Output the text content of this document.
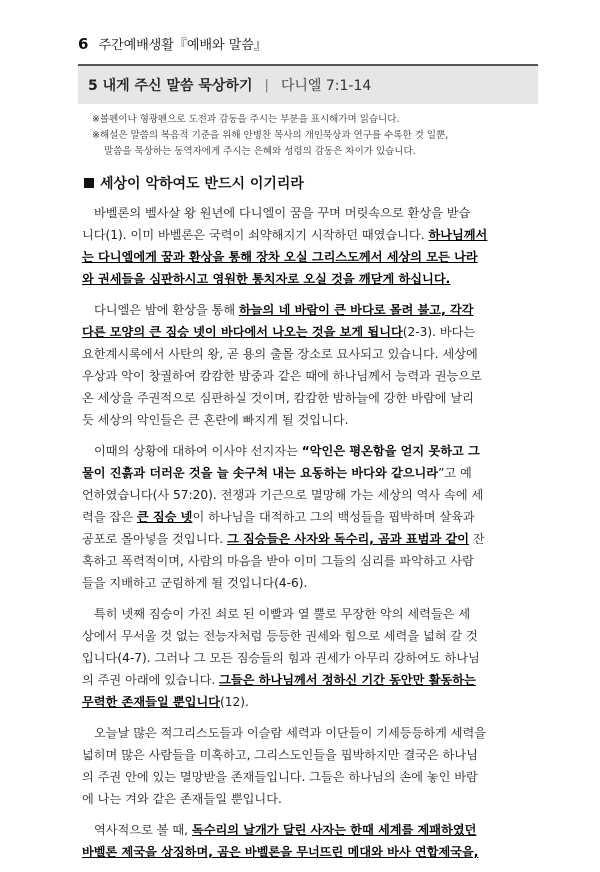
6 주간예배생활『예배와 말씀』
5 내게 주신 말씀 묵상하기 | 다니엘 7:1-14
※볼펜이나 형광펜으로 도전과 감동을 주시는 부분을 표시해가며 읽습니다.
※해설은 말씀의 복음적 기준을 위해 안병찬 목사의 개인묵상과 연구를 수록한 것 일뿐,
말씀을 묵상하는 동역자에게 주시는 은혜와 성령의 감동은 차이가 있습니다.
세상이 악하여도 반드시 이기리라
바벨론의 벨사살 왕 원년에 다니엘이 꿈을 꾸며 머릿속으로 환상을 받습
니다(1). 이미 바벨론은 국력이 쇠약해지기 시작하던 때였습니다. 하나님께서
는 다니엘에게 꿈과 환상을 통해 장차 오실 그리스도께서 세상의 모든 나라
와 권세들을 심판하시고 영원한 통치자로 오실 것을 깨닫게 하십니다.
다니엘은 밤에 환상을 통해 하늘의 네 바람이 큰 바다로 몰려 불고, 각각
다른 모양의 큰 짐승 넷이 바다에서 나오는 것을 보게 됩니다(2-3). 바다는
요한계시록에서 사탄의 왕, 곧 용의 출몰 장소로 묘사되고 있습니다. 세상에
우상과 악이 창궐하여 캄캄한 밤중과 같은 때에 하나님께서 능력과 권능으로
온 세상을 주권적으로 심판하실 것이며, 캄캄한 밤하늘에 강한 바람에 날리
듯 세상의 악인들은 큰 혼란에 빠지게 될 것입니다.
이때의 상황에 대하여 이사야 선지자는 “악인은 평온함을 얻지 못하고 그
물이 진흙과 더러운 것을 늘 솟구쳐 내는 요동하는 바다와 같으니라”고 예
언하였습니다(사 57:20). 전쟁과 기근으로 멸망해 가는 세상의 역사 속에 세
력을 잡은 큰 짐승 넷이 하나님을 대적하고 그의 백성들을 핍박하며 살육과
공포로 몰아넣을 것입니다. 그 짐승들은 사자와 독수리, 곰과 표범과 같이 잔
혹하고 폭력적이며, 사람의 마음을 받아 이미 그들의 심리를 파악하고 사람
들을 지배하고 군림하게 될 것입니다(4-6).
특히 넷째 짐승이 가진 쇠로 된 이빨과 열 뿔로 무장한 악의 세력들은 세
상에서 무서울 것 없는 전능자처럼 등등한 권세와 힘으로 세력을 넓혀 갈 것
입니다(4-7). 그러나 그 모든 짐승들의 힘과 권세가 아무리 강하여도 하나님
의 주권 아래에 있습니다. 그들은 하나님께서 정하신 기간 동안만 활동하는
무력한 존재들일 뿐입니다(12).
오늘날 많은 적그리스도들과 이슬람 세력과 이단들이 기세등등하게 세력을
넓히며 많은 사람들을 미혹하고, 그리스도인들을 핍박하지만 결국은 하나님
의 주권 안에 있는 멸망받을 존재들입니다. 그들은 하나님의 손에 놓인 바람
에 나는 겨와 같은 존재들일 뿐입니다.
역사적으로 볼 때, 독수리의 날개가 달린 사자는 한때 세계를 제패하였던
바벨론 제국을 상징하며, 곰은 바벨론을 무너뜨린 메대와 바사 연합제국을,
